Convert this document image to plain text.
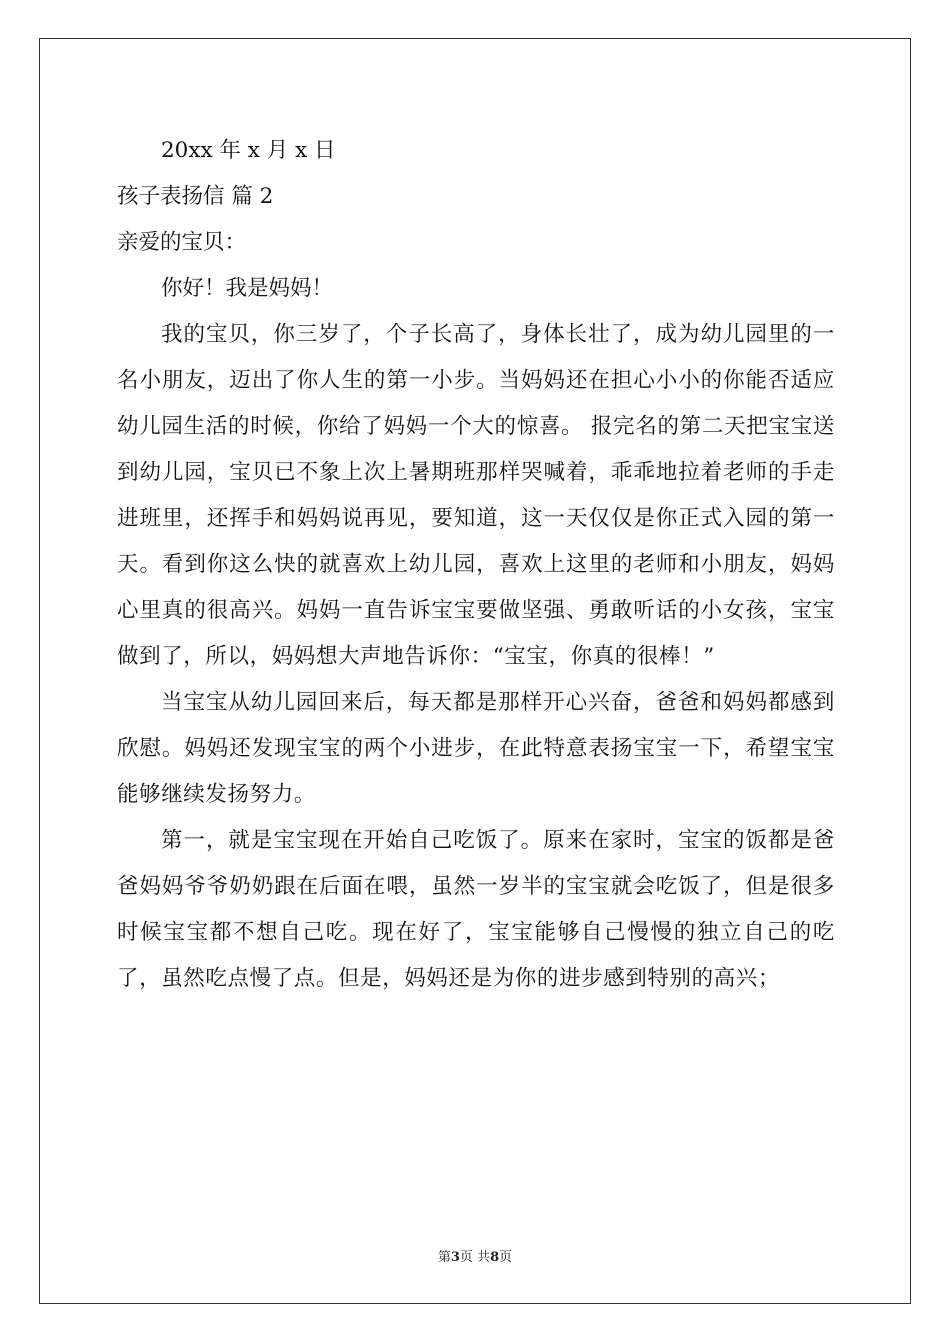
20xx 年 x 月 x 日

孩子表扬信 篇 2

亲爱的宝贝：

你好！我是妈妈！

我的宝贝，你三岁了，个子长高了，身体长壮了，成为幼儿园里的一名小朋友，迈出了你人生的第一小步。当妈妈还在担心小小的你能否适应幼儿园生活的时候，你给了妈妈一个大的惊喜。 报完名的第二天把宝宝送到幼儿园，宝贝已不象上次上暑期班那样哭喊着，乖乖地拉着老师的手走进班里，还挥手和妈妈说再见，要知道，这一天仅仅是你正式入园的第一天。看到你这么快的就喜欢上幼儿园，喜欢上这里的老师和小朋友，妈妈心里真的很高兴。妈妈一直告诉宝宝要做坚强、勇敢听话的小女孩，宝宝做到了，所以，妈妈想大声地告诉你：“宝宝，你真的很棒！”

当宝宝从幼儿园回来后，每天都是那样开心兴奋，爸爸和妈妈都感到欣慰。妈妈还发现宝宝的两个小进步，在此特意表扬宝宝一下，希望宝宝能够继续发扬努力。

第一，就是宝宝现在开始自己吃饭了。原来在家时，宝宝的饭都是爸爸妈妈爷爷奶奶跟在后面在喂，虽然一岁半的宝宝就会吃饭了，但是很多时候宝宝都不想自己吃。现在好了，宝宝能够自己慢慢的独立自己的吃了，虽然吃点慢了点。但是，妈妈还是为你的进步感到特别的高兴；

第3页 共8页
